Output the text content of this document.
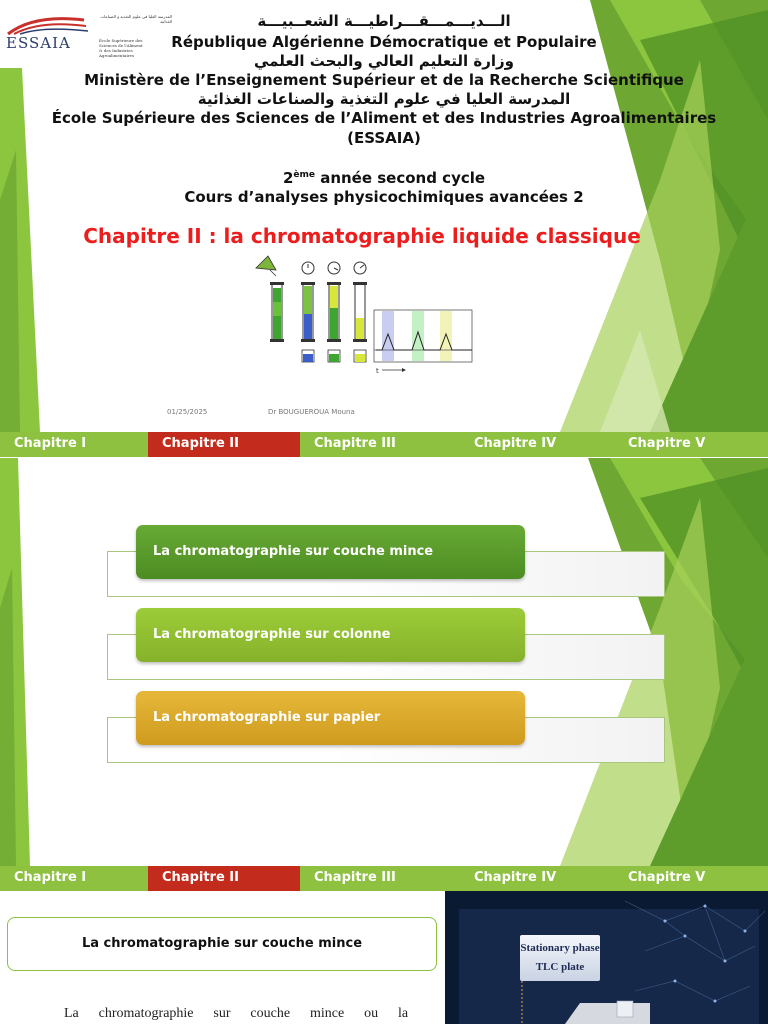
ESSAIA
المدرسة العليا في علوم التغذية و الصناعات الغذائية
École Supérieure des Sciences de l'Aliment & des Industries Agroalimentaires
الـــديـــمـــقـــراطيـــة الشعــبيـــة
République Algérienne Démocratique et Populaire
وزارة التعليم العالي والبحث العلمي
Ministère de l’Enseignement Supérieur et de la Recherche Scientifique
المدرسة العليا في علوم التغذية والصناعات الغذائية
École Supérieure des Sciences de l’Aliment et des Industries Agroalimentaires
(ESSAIA)
2ème année second cycle
Cours d’analyses physicochimiques avancées 2
Chapitre II : la chromatographie liquide classique
t
01/25/2025	Dr BOUGUEROUA Mouna
Chapitre I	Chapitre II	Chapitre III	Chapitre IV	Chapitre V
La chromatographie sur couche mince
La chromatographie sur colonne
La chromatographie sur papier
Chapitre I	Chapitre II	Chapitre III	Chapitre IV	Chapitre V
La chromatographie sur couche mince
La chromatographie sur couche mince ou la
Stationary phase
TLC plate
